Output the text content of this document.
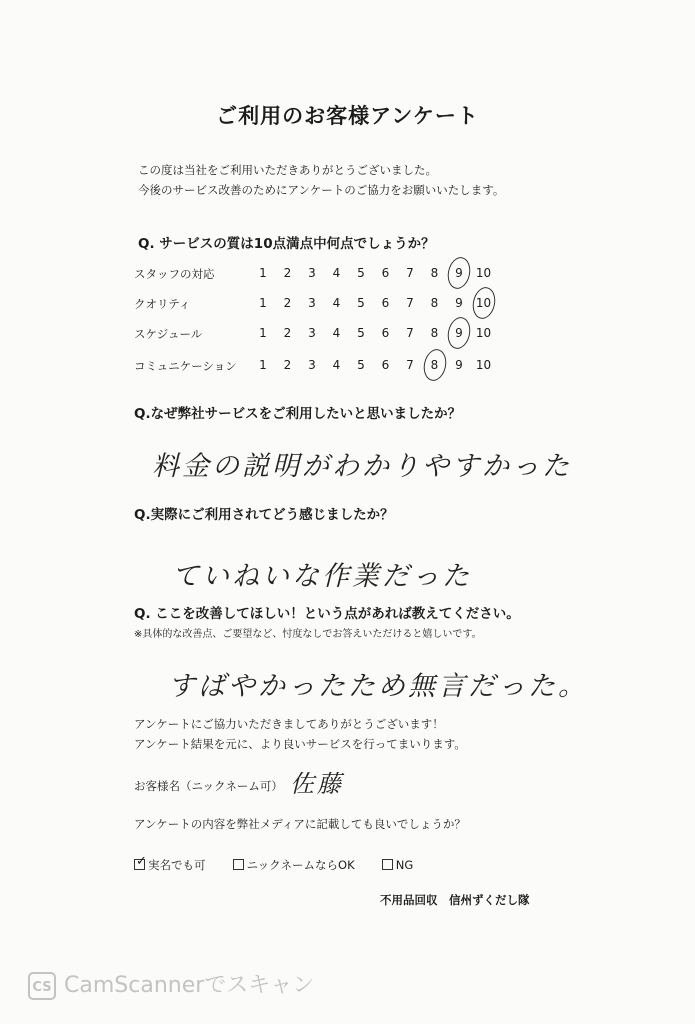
ご利用のお客様アンケート
この度は当社をご利用いただきありがとうございました。
今後のサービス改善のためにアンケートのご協力をお願いいたします。
Q. サービスの質は10点満点中何点でしょうか？
スタッフの対応	1	2	3	4	5	6	7	8	9	10
クオリティ	1	2	3	4	5	6	7	8	9	10
スケジュール	1	2	3	4	5	6	7	8	9	10
コミュニケーション	1	2	3	4	5	6	7	8	9	10
Q.なぜ弊社サービスをご利用したいと思いましたか？
料金の説明がわかりやすかった
Q.実際にご利用されてどう感じましたか？
ていねいな作業だった
Q. ここを改善してほしい！という点があれば教えてください。
※具体的な改善点、ご要望など、忖度なしでお答えいただけると嬉しいです。
すばやかったため無言だった。
アンケートにご協力いただきましてありがとうございます！
アンケート結果を元に、より良いサービスを行ってまいります。
お客様名（ニックネーム可） 佐藤
アンケートの内容を弊社メディアに記載しても良いでしょうか？
✓ 実名でも可	ニックネームならOK	NG
不用品回収　信州ずくだし隊
CS CamScannerでスキャン
